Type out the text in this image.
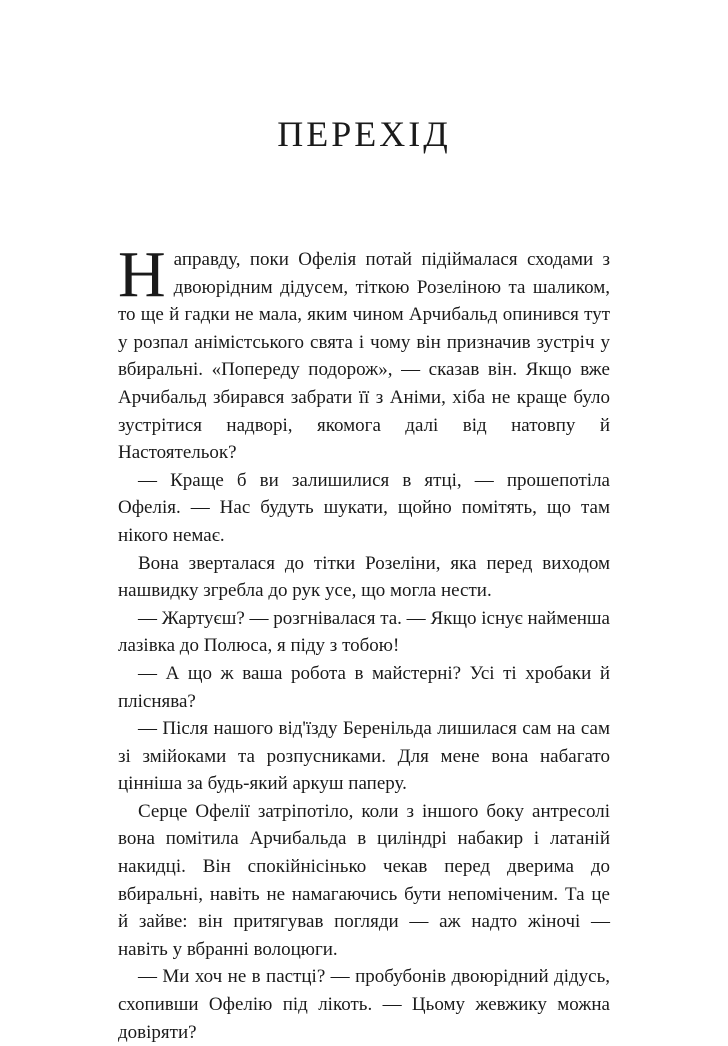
ПЕРЕХІД

Направду, поки Офелія потай підіймалася сходами з двоюрідним дідусем, тіткою Розеліною та шаликом, то ще й гадки не мала, яким чином Арчибальд опинився тут у розпал анімістського свята і чому він призначив зустріч у вбиральні. «Попереду подорож», — сказав він. Якщо вже Арчибальд збирався забрати її з Аніми, хіба не краще було зустрітися надворі, якомога далі від натовпу й Настоятельок?

— Краще б ви залишилися в ятці, — прошепотіла Офелія. — Нас будуть шукати, щойно помітять, що там нікого немає.

Вона зверталася до тітки Розеліни, яка перед виходом нашвидку згребла до рук усе, що могла нести.

— Жартуєш? — розгнівалася та. — Якщо існує найменша лазівка до Полюса, я піду з тобою!

— А що ж ваша робота в майстерні? Усі ті хробаки й пліснява?

— Після нашого від'їзду Беренільда лишилася сам на сам зі змійоками та розпусниками. Для мене вона набагато цінніша за будь-який аркуш паперу.

Серце Офелії затріпотіло, коли з іншого боку антресолі вона помітила Арчибальда в циліндрі набакир і латаній накидці. Він спокійнісінько чекав перед дверима до вбиральні, навіть не намагаючись бути непоміченим. Та це й зайве: він притягував погляди — аж надто жіночі — навіть у вбранні волоцюги.

— Ми хоч не в пастці? — пробубонів двоюрідний дідусь, схопивши Офелію під лікоть. — Цьому жевжику можна довіряти?
